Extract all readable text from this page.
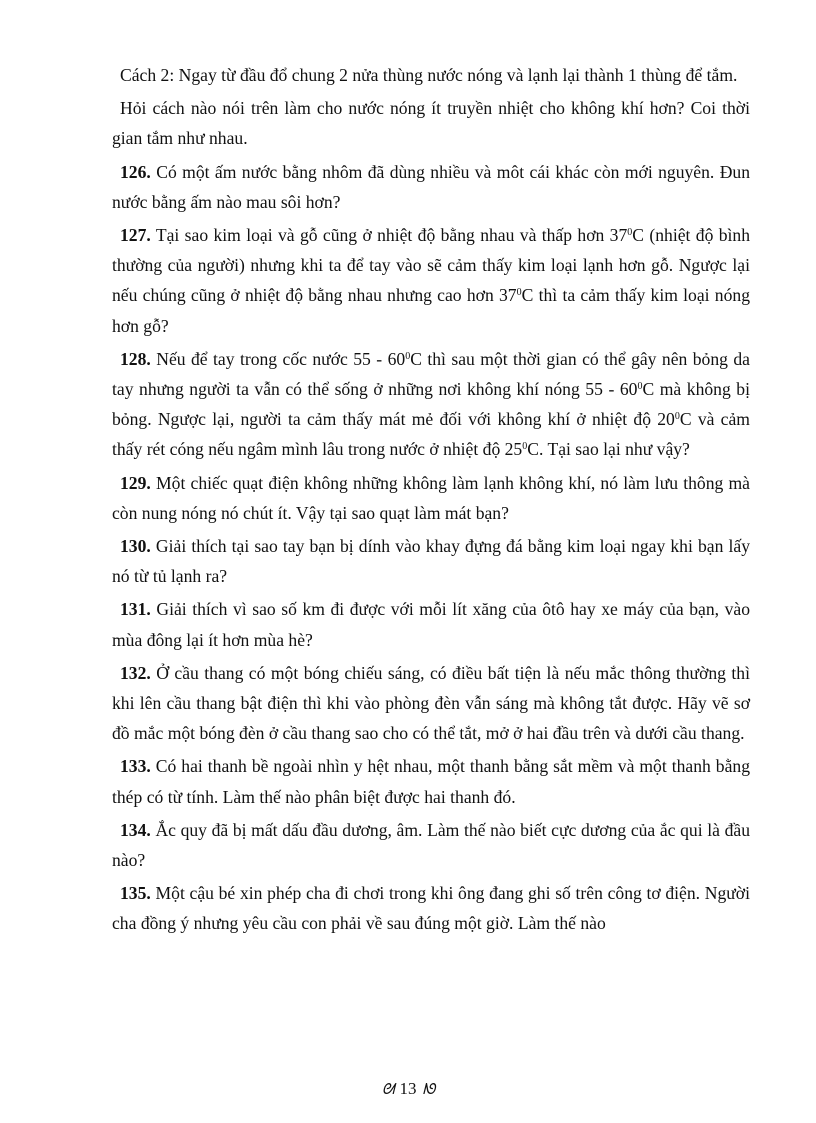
Cách 2: Ngay từ đầu đổ chung 2 nửa thùng nước nóng và lạnh lại thành 1 thùng để tắm.

Hỏi cách nào nói trên làm cho nước nóng ít truyền nhiệt cho không khí hơn? Coi thời gian tắm như nhau.

126. Có một ấm nước bằng nhôm đã dùng nhiều và môt cái khác còn mới nguyên. Đun nước bằng ấm nào mau sôi hơn?

127. Tại sao kim loại và gỗ cũng ở nhiệt độ bằng nhau và thấp hơn $37^0C$ (nhiệt độ bình thường của người) nhưng khi ta để tay vào sẽ cảm thấy kim loại lạnh hơn gỗ. Ngược lại nếu chúng cũng ở nhiệt độ bằng nhau nhưng cao hơn $37^0C$ thì ta cảm thấy kim loại nóng hơn gỗ?

128. Nếu để tay trong cốc nước $55 - 60^0C$ thì sau một thời gian có thể gây nên bỏng da tay nhưng người ta vẫn có thể sống ở những nơi không khí nóng $55 - 60^0C$ mà không bị bỏng. Ngược lại, người ta cảm thấy mát mẻ đối với không khí ở nhiệt độ $20^0C$ và cảm thấy rét cóng nếu ngâm mình lâu trong nước ở nhiệt độ $25^0C$. Tại sao lại như vậy?

129. Một chiếc quạt điện không những không làm lạnh không khí, nó làm lưu thông mà còn nung nóng nó chút ít. Vậy tại sao quạt làm mát bạn?

130. Giải thích tại sao tay bạn bị dính vào khay đựng đá bằng kim loại ngay khi bạn lấy nó từ tủ lạnh ra?

131. Giải thích vì sao số km đi được với mỗi lít xăng của ôtô hay xe máy của bạn, vào mùa đông lại ít hơn mùa hè?

132. Ở cầu thang có một bóng chiếu sáng, có điều bất tiện là nếu mắc thông thường thì khi lên cầu thang bật điện thì khi vào phòng đèn vẫn sáng mà không tắt được. Hãy vẽ sơ đồ mắc một bóng đèn ở cầu thang sao cho có thể tắt, mở ở hai đầu trên và dưới cầu thang.

133. Có hai thanh bề ngoài nhìn y hệt nhau, một thanh bằng sắt mềm và một thanh bằng thép có từ tính. Làm thế nào phân biệt được hai thanh đó.

134. Ắc quy đã bị mất dấu đầu dương, âm. Làm thế nào biết cực dương của ắc qui là đầu nào?

135. Một cậu bé xin phép cha đi chơi trong khi ông đang ghi số trên công tơ điện. Người cha đồng ý nhưng yêu cầu con phải về sau đúng một giờ. Làm thế nào

ᘛ 13 ᘚ
